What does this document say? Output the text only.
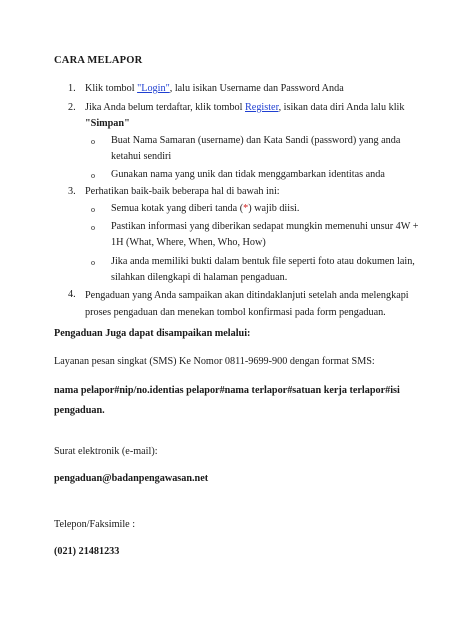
CARA MELAPOR
1. Klik tombol "Login", lalu isikan Username dan Password Anda
2. Jika Anda belum terdaftar, klik tombol Register, isikan data diri Anda lalu klik
"Simpan"
o Buat Nama Samaran (username) dan Kata Sandi (password) yang anda ketahui sendiri
o Gunakan nama yang unik dan tidak menggambarkan identitas anda
3. Perhatikan baik-baik beberapa hal di bawah ini:
o Semua kotak yang diberi tanda (*) wajib diisi.
o Pastikan informasi yang diberikan sedapat mungkin memenuhi unsur 4W + 1H (What, Where, When, Who, How)
o Jika anda memiliki bukti dalam bentuk file seperti foto atau dokumen lain, silahkan dilengkapi di halaman pengaduan.
4. Pengaduan yang Anda sampaikan akan ditindaklanjuti setelah anda melengkapi proses pengaduan dan menekan tombol konfirmasi pada form pengaduan.
Pengaduan Juga dapat disampaikan melalui:
Layanan pesan singkat (SMS) Ke Nomor 0811-9699-900 dengan format SMS:
nama pelapor#nip/no.identias pelapor#nama terlapor#satuan kerja terlapor#isi pengaduan.
Surat elektronik (e-mail):
pengaduan@badanpengawasan.net
Telepon/Faksimile :
(021) 21481233
